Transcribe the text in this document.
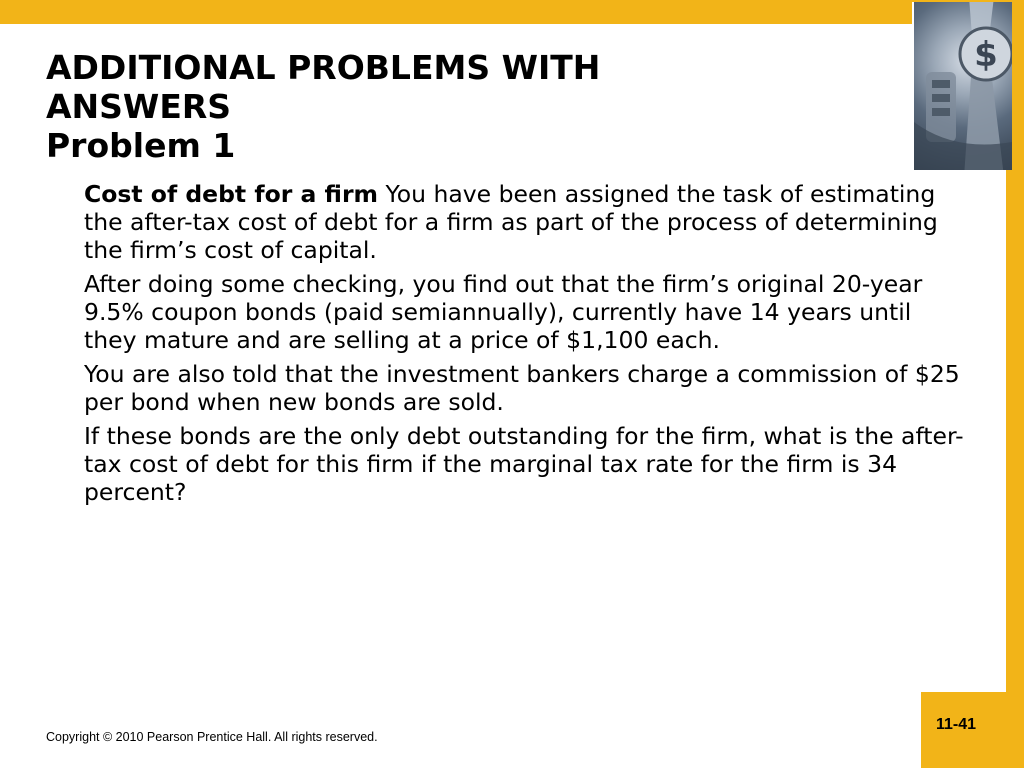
$
ADDITIONAL PROBLEMS WITH
ANSWERS
Problem 1

Cost of debt for a firm You have been assigned the task of estimating the after-tax cost of debt for a firm as part of the process of determining the firm’s cost of capital.

After doing some checking, you find out that the firm’s original 20-year 9.5% coupon bonds (paid semiannually), currently have 14 years until they mature and are selling at a price of $1,100 each.

You are also told that the investment bankers charge a commission of $25 per bond when new bonds are sold.

If these bonds are the only debt outstanding for the firm, what is the after-tax cost of debt for this firm if the marginal tax rate for the firm is 34 percent?

Copyright © 2010 Pearson Prentice Hall. All rights reserved.
11-41
